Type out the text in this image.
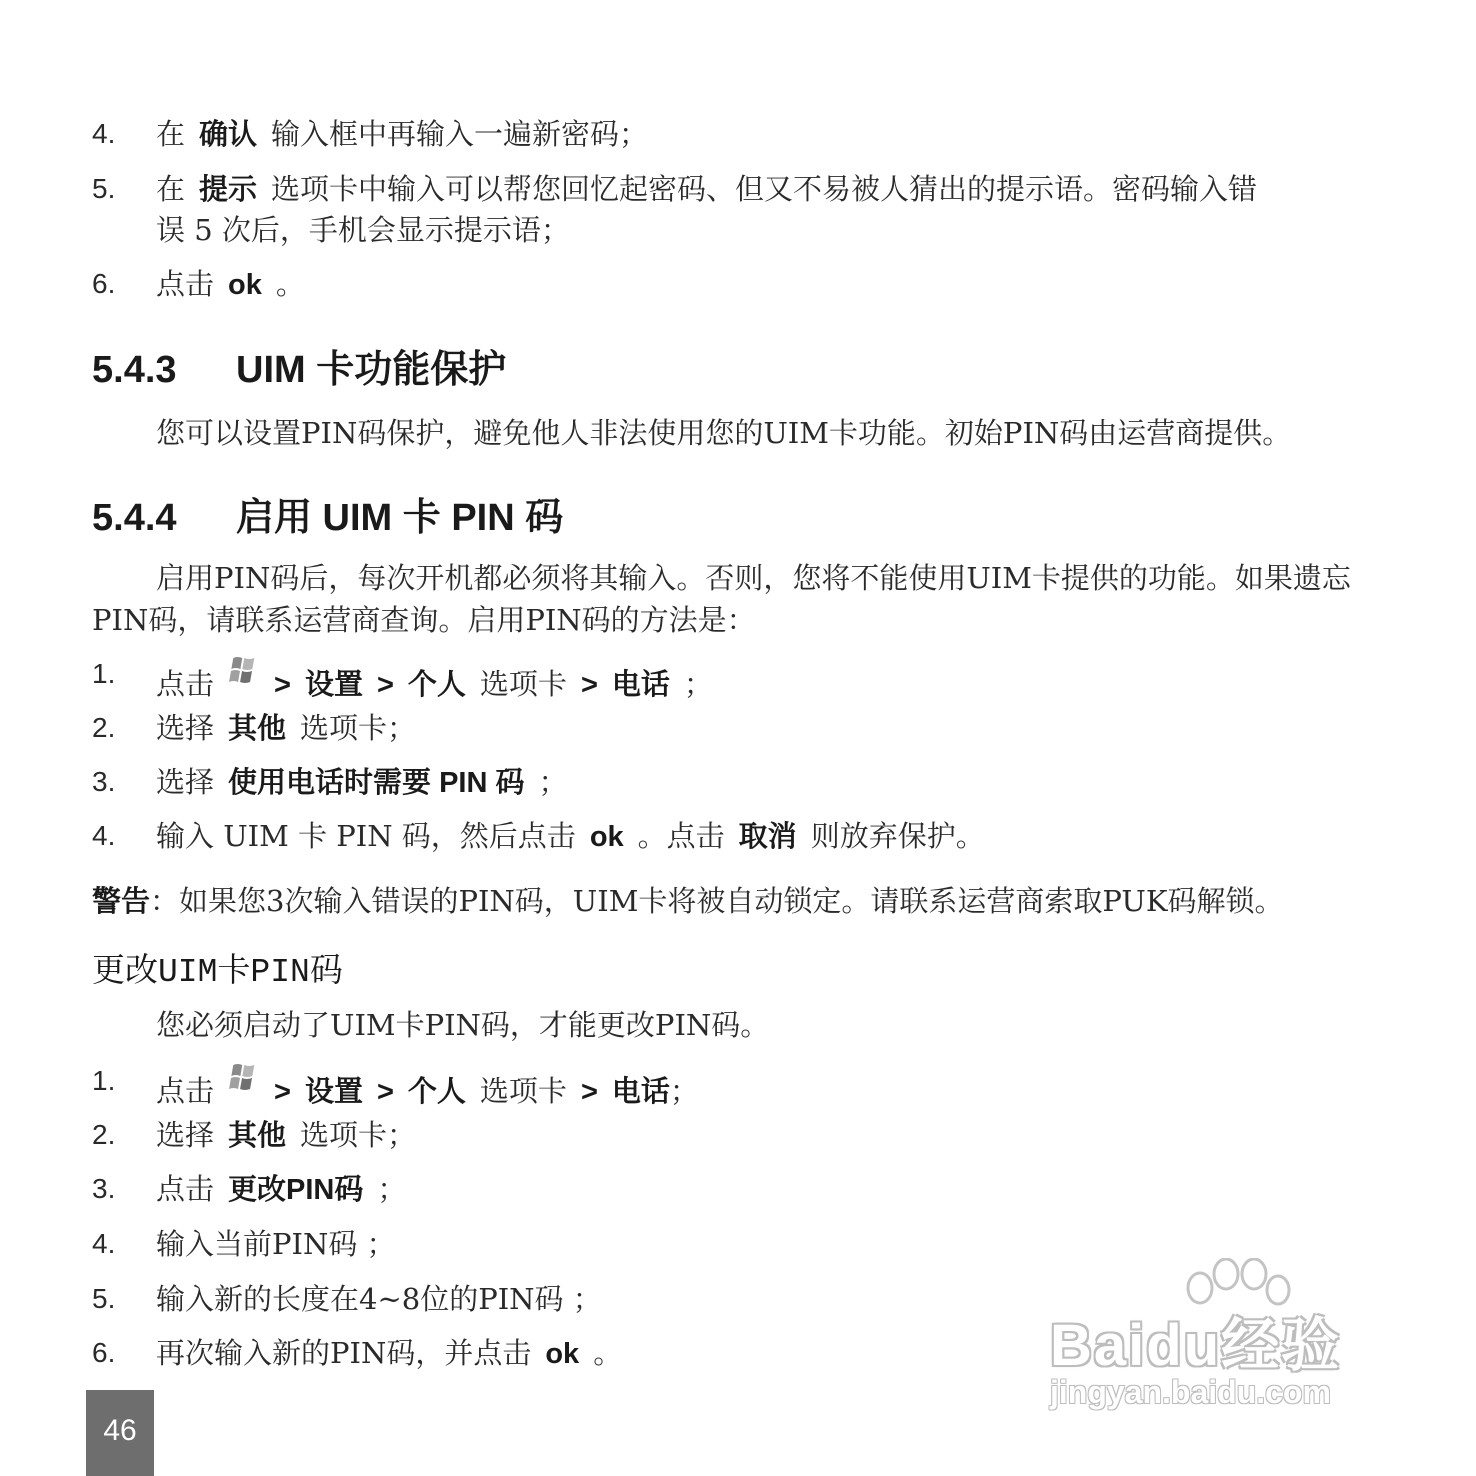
4. 在 确认 输入框中再输入一遍新密码；
5. 在 提示 选项卡中输入可以帮您回忆起密码、但又不易被人猜出的提示语。密码输入错
误 5 次后，手机会显示提示语；
6. 点击 ok 。
5.4.3 UIM 卡功能保护
您可以设置PIN码保护，避免他人非法使用您的UIM卡功能。初始PIN码由运营商提供。
5.4.4 启用 UIM 卡 PIN 码
启用PIN码后，每次开机都必须将其输入。否则，您将不能使用UIM卡提供的功能。如果遗忘PIN码，请联系运营商查询。启用PIN码的方法是：
1. 点击 > 设置 > 个人 选项卡 > 电话 ；
2. 选择 其他 选项卡；
3. 选择 使用电话时需要 PIN 码 ；
4. 输入 UIM 卡 PIN 码，然后点击 ok 。点击 取消 则放弃保护。
警告：如果您3次输入错误的PIN码，UIM卡将被自动锁定。请联系运营商索取PUK码解锁。
更改UIM卡PIN码
您必须启动了UIM卡PIN码，才能更改PIN码。
1. 点击 > 设置 > 个人 选项卡 > 电话；
2. 选择 其他 选项卡；
3. 点击 更改PIN码 ；
4. 输入当前PIN码 ；
5. 输入新的长度在4~8位的PIN码 ；
6. 再次输入新的PIN码，并点击 ok 。
46
Baidu经验
jingyan.baidu.com
